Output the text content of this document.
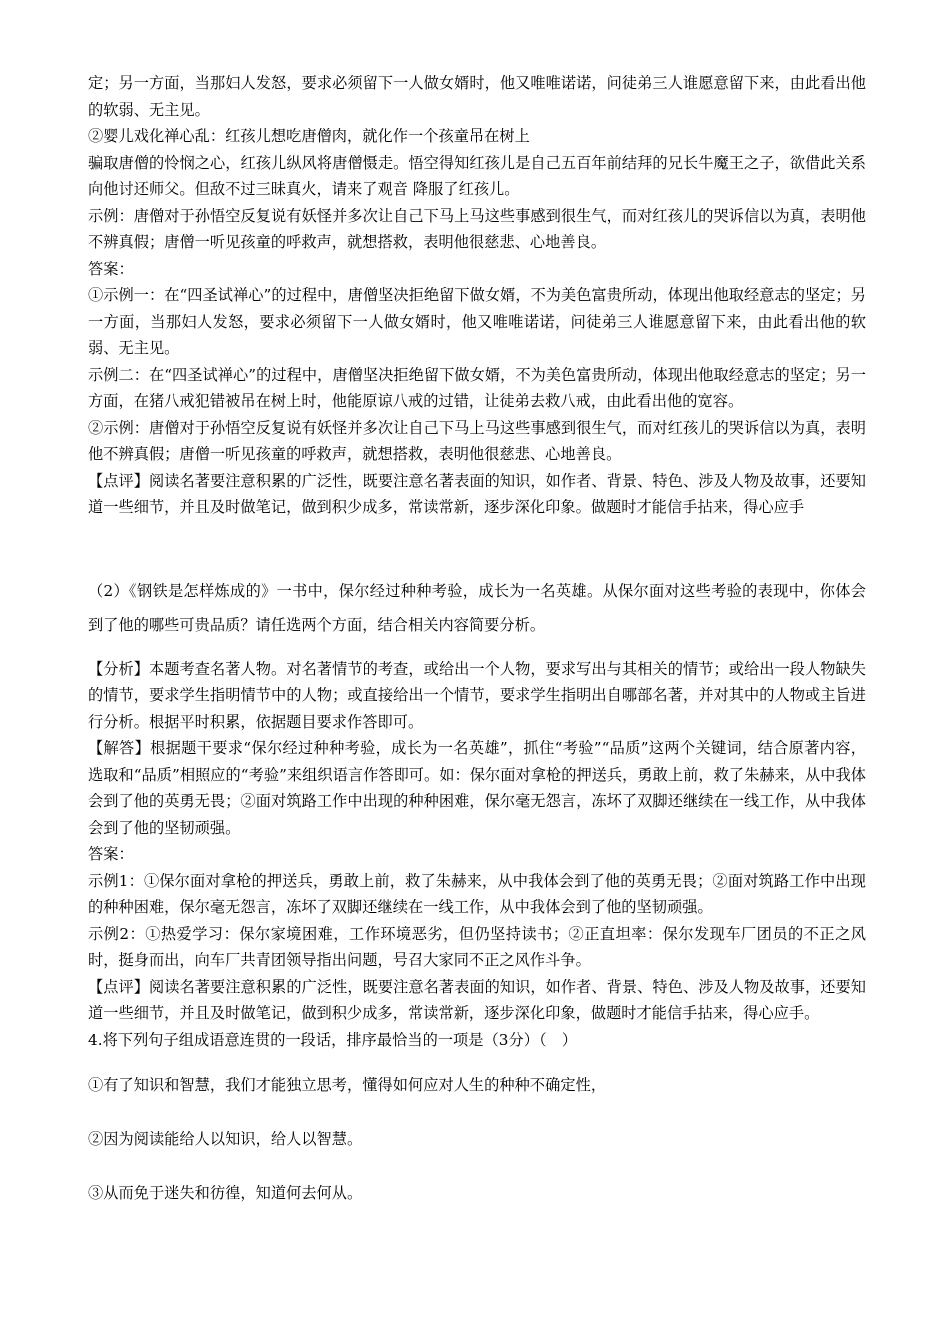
定；另一方面，当那妇人发怒，要求必须留下一人做女婿时，他又唯唯诺诺，问徒弟三人谁愿意留下来，由此看出他的软弱、无主见。

②婴儿戏化禅心乱：红孩儿想吃唐僧肉，就化作一个孩童吊在树上

骗取唐僧的怜悯之心，红孩儿纵风将唐僧慑走。悟空得知红孩儿是自己五百年前结拜的兄长牛魔王之子，欲借此关系向他讨还师父。但敌不过三昧真火，请来了观音 降服了红孩儿。

示例：唐僧对于孙悟空反复说有妖怪并多次让自己下马上马这些事感到很生气，而对红孩儿的哭诉信以为真，表明他不辨真假；唐僧一听见孩童的呼救声，就想搭救，表明他很慈悲、心地善良。

答案：

①示例一：在“四圣试禅心”的过程中，唐僧坚决拒绝留下做女婿，不为美色富贵所动，体现出他取经意志的坚定；另一方面，当那妇人发怒，要求必须留下一人做女婿时，他又唯唯诺诺，问徒弟三人谁愿意留下来，由此看出他的软弱、无主见。

示例二：在“四圣试禅心”的过程中，唐僧坚决拒绝留下做女婿，不为美色富贵所动，体现出他取经意志的坚定；另一方面，在猪八戒犯错被吊在树上时，他能原谅八戒的过错，让徒弟去救八戒，由此看出他的宽容。

②示例：唐僧对于孙悟空反复说有妖怪并多次让自己下马上马这些事感到很生气，而对红孩儿的哭诉信以为真，表明他不辨真假；唐僧一听见孩童的呼救声，就想搭救，表明他很慈悲、心地善良。

【点评】阅读名著要注意积累的广泛性，既要注意名著表面的知识，如作者、背景、特色、涉及人物及故事，还要知道一些细节，并且及时做笔记，做到积少成多，常读常新，逐步深化印象。做题时才能信手拈来，得心应手

（2）《钢铁是怎样炼成的》一书中，保尔经过种种考验，成长为一名英雄。从保尔面对这些考验的表现中，你体会到了他的哪些可贵品质？请任选两个方面，结合相关内容简要分析。

【分析】本题考查名著人物。对名著情节的考查，或给出一个人物，要求写出与其相关的情节；或给出一段人物缺失的情节，要求学生指明情节中的人物；或直接给出一个情节，要求学生指明出自哪部名著，并对其中的人物或主旨进行分析。根据平时积累，依据题目要求作答即可。

【解答】根据题干要求“保尔经过种种考验，成长为一名英雄”，抓住“考验”“品质”这两个关键词，结合原著内容，选取和“品质”相照应的“考验”来组织语言作答即可。如：保尔面对拿枪的押送兵，勇敢上前，救了朱赫来，从中我体会到了他的英勇无畏；②面对筑路工作中出现的种种困难，保尔毫无怨言，冻坏了双脚还继续在一线工作，从中我体会到了他的坚韧顽强。

答案：

示例1：①保尔面对拿枪的押送兵，勇敢上前，救了朱赫来，从中我体会到了他的英勇无畏；②面对筑路工作中出现的种种困难，保尔毫无怨言，冻坏了双脚还继续在一线工作，从中我体会到了他的坚韧顽强。

示例2：①热爱学习：保尔家境困难，工作环境恶劣，但仍坚持读书；②正直坦率：保尔发现车厂团员的不正之风时，挺身而出，向车厂共青团领导指出问题，号召大家同不正之风作斗争。

【点评】阅读名著要注意积累的广泛性，既要注意名著表面的知识，如作者、背景、特色、涉及人物及故事，还要知道一些细节，并且及时做笔记，做到积少成多，常读常新，逐步深化印象，做题时才能信手拈来，得心应手。

4.将下列句子组成语意连贯的一段话，排序最恰当的一项是（3分）（　）

①有了知识和智慧，我们才能独立思考，懂得如何应对人生的种种不确定性，

②因为阅读能给人以知识，给人以智慧。

③从而免于迷失和彷徨，知道何去何从。
